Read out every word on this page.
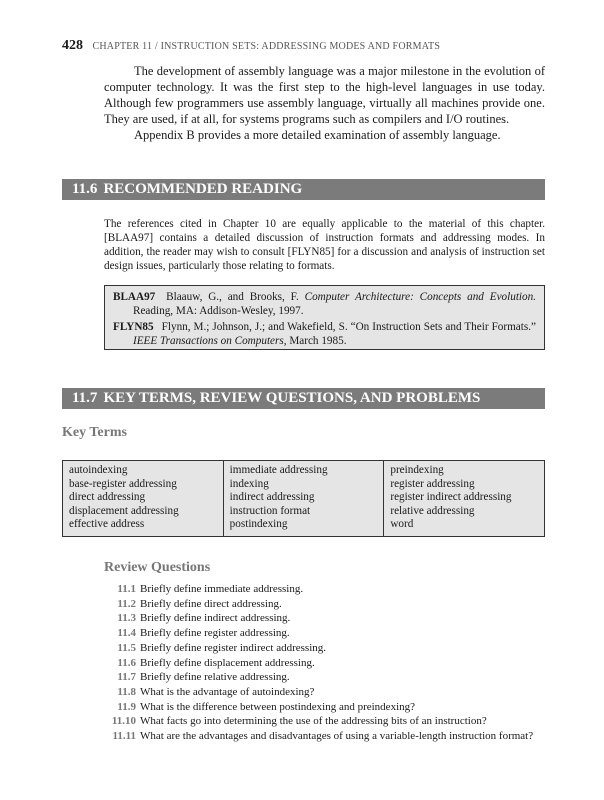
428 CHAPTER 11 / INSTRUCTION SETS: ADDRESSING MODES AND FORMATS

The development of assembly language was a major milestone in the evolution of computer technology. It was the first step to the high-level languages in use today. Although few programmers use assembly language, virtually all machines provide one. They are used, if at all, for systems programs such as compilers and I/O routines.

Appendix B provides a more detailed examination of assembly language.

11.6 RECOMMENDED READING

The references cited in Chapter 10 are equally applicable to the material of this chapter. [BLAA97] contains a detailed discussion of instruction formats and addressing modes. In addition, the reader may wish to consult [FLYN85] for a discussion and analysis of instruction set design issues, particularly those relating to formats.

BLAA97 Blaauw, G., and Brooks, F. Computer Architecture: Concepts and Evolution. Reading, MA: Addison-Wesley, 1997.

FLYN85 Flynn, M.; Johnson, J.; and Wakefield, S. “On Instruction Sets and Their Formats.” IEEE Transactions on Computers, March 1985.

11.7 KEY TERMS, REVIEW QUESTIONS, AND PROBLEMS
Key Terms
autoindexing
base-register addressing
direct addressing
displacement addressing
effective address
immediate addressing
indexing
indirect addressing
instruction format
postindexing
preindexing
register addressing
register indirect addressing
relative addressing
word
Review Questions
11.1 Briefly define immediate addressing.
11.2 Briefly define direct addressing.
11.3 Briefly define indirect addressing.
11.4 Briefly define register addressing.
11.5 Briefly define register indirect addressing.
11.6 Briefly define displacement addressing.
11.7 Briefly define relative addressing.
11.8 What is the advantage of autoindexing?
11.9 What is the difference between postindexing and preindexing?
11.10 What facts go into determining the use of the addressing bits of an instruction?
11.11 What are the advantages and disadvantages of using a variable-length instruction format?
